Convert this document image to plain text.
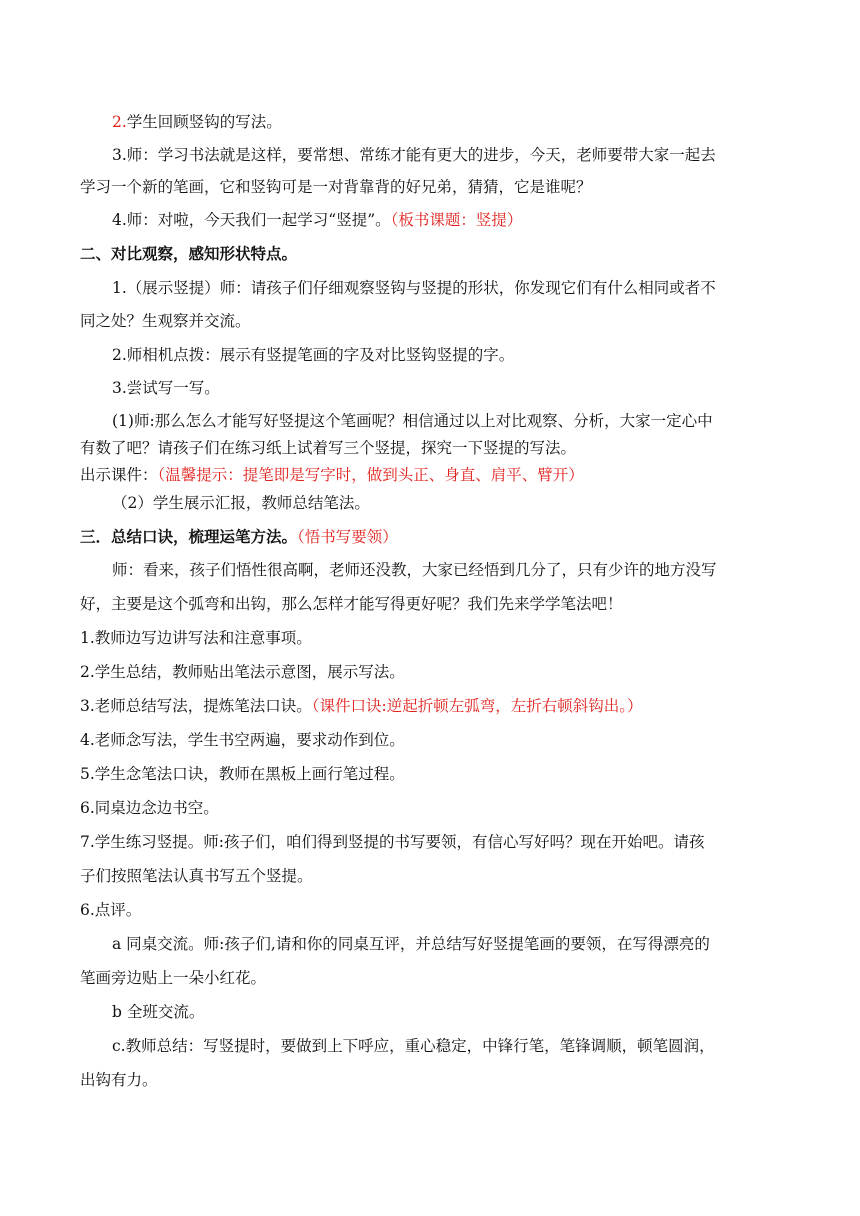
2.学生回顾竖钩的写法。
3.师：学习书法就是这样，要常想、常练才能有更大的进步，今天，老师要带大家一起去
学习一个新的笔画，它和竖钩可是一对背靠背的好兄弟，猜猜，它是谁呢？
4.师：对啦，今天我们一起学习“竖提”。（板书课题：竖提）
二、对比观察，感知形状特点。
1.（展示竖提）师：请孩子们仔细观察竖钩与竖提的形状，你发现它们有什么相同或者不
同之处？生观察并交流。
2.师相机点拨：展示有竖提笔画的字及对比竖钩竖提的字。
3.尝试写一写。
(1)师:那么怎么才能写好竖提这个笔画呢？相信通过以上对比观察、分析，大家一定心中
有数了吧？请孩子们在练习纸上试着写三个竖提，探究一下竖提的写法。
出示课件：（温馨提示：提笔即是写字时，做到头正、身直、肩平、臂开）
（2）学生展示汇报，教师总结笔法。
三．总结口诀，梳理运笔方法。（悟书写要领）
师：看来，孩子们悟性很高啊，老师还没教，大家已经悟到几分了，只有少许的地方没写
好，主要是这个弧弯和出钩，那么怎样才能写得更好呢？我们先来学学笔法吧！
1.教师边写边讲写法和注意事项。
2.学生总结，教师贴出笔法示意图，展示写法。
3.老师总结写法，提炼笔法口诀。（课件口诀:逆起折顿左弧弯，左折右顿斜钩出。）
4.老师念写法，学生书空两遍，要求动作到位。
5.学生念笔法口诀，教师在黑板上画行笔过程。
6.同桌边念边书空。
7.学生练习竖提。师:孩子们，咱们得到竖提的书写要领，有信心写好吗？现在开始吧。请孩
子们按照笔法认真书写五个竖提。
6.点评。
a 同桌交流。师:孩子们,请和你的同桌互评，并总结写好竖提笔画的要领，在写得漂亮的
笔画旁边贴上一朵小红花。
b 全班交流。
c.教师总结：写竖提时，要做到上下呼应，重心稳定，中锋行笔，笔锋调顺，顿笔圆润，
出钩有力。
